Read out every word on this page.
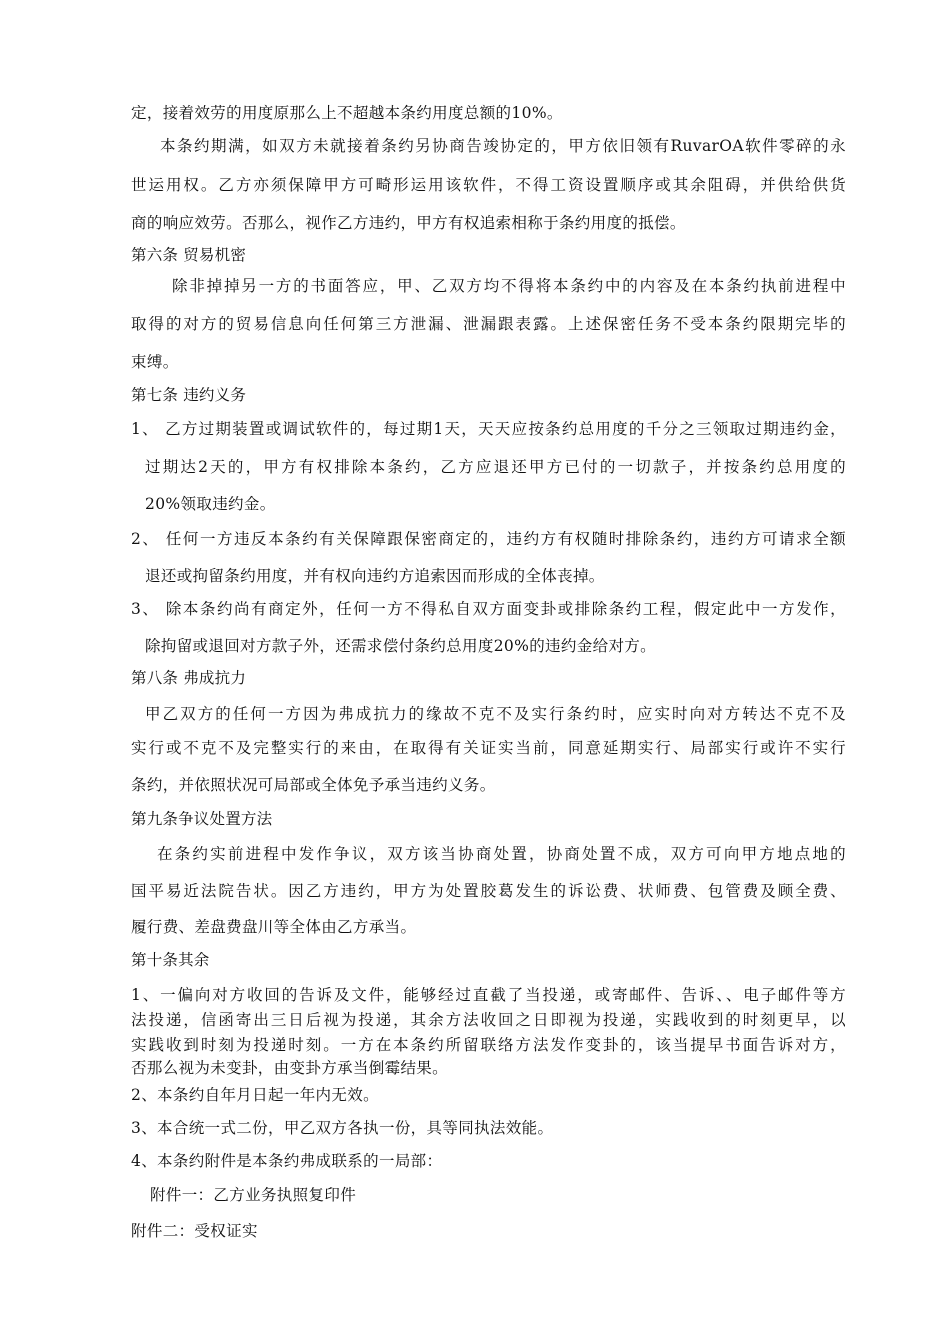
定，接着效劳的用度原那么上不超越本条约用度总额的10%。
本条约期满，如双方未就接着条约另协商告竣协定的，甲方依旧领有RuvarOA软件零碎的永
世运用权。乙方亦须保障甲方可畸形运用该软件，不得工资设置顺序或其余阻碍，并供给供货
商的响应效劳。否那么，视作乙方违约，甲方有权追索相称于条约用度的抵偿。
第六条 贸易机密
除非掉掉另一方的书面答应，甲、乙双方均不得将本条约中的内容及在本条约执前进程中
取得的对方的贸易信息向任何第三方泄漏、泄漏跟表露。上述保密任务不受本条约限期完毕的
束缚。
第七条 违约义务
1、 乙方过期装置或调试软件的，每过期1天，天天应按条约总用度的千分之三领取过期违约金，
过期达2天的，甲方有权排除本条约，乙方应退还甲方已付的一切款子，并按条约总用度的
20%领取违约金。
2、 任何一方违反本条约有关保障跟保密商定的，违约方有权随时排除条约，违约方可请求全额
退还或拘留条约用度，并有权向违约方追索因而形成的全体丧掉。
3、 除本条约尚有商定外，任何一方不得私自双方面变卦或排除条约工程，假定此中一方发作，
除拘留或退回对方款子外，还需求偿付条约总用度20%的违约金给对方。
第八条 弗成抗力
甲乙双方的任何一方因为弗成抗力的缘故不克不及实行条约时，应实时向对方转达不克不及
实行或不克不及完整实行的来由，在取得有关证实当前，同意延期实行、局部实行或许不实行
条约，并依照状况可局部或全体免予承当违约义务。
第九条争议处置方法
在条约实前进程中发作争议，双方该当协商处置，协商处置不成，双方可向甲方地点地的
国平易近法院告状。因乙方违约，甲方为处置胶葛发生的诉讼费、状师费、包管费及顾全费、
履行费、差盘费盘川等全体由乙方承当。
第十条其余
1、一偏向对方收回的告诉及文件，能够经过直截了当投递，或寄邮件、告诉、、电子邮件等方
法投递，信函寄出三日后视为投递，其余方法收回之日即视为投递，实践收到的时刻更早，以
实践收到时刻为投递时刻。一方在本条约所留联络方法发作变卦的，该当提早书面告诉对方，
否那么视为未变卦，由变卦方承当倒霉结果。
2、本条约自年月日起一年内无效。
3、本合统一式二份，甲乙双方各执一份，具等同执法效能。
4、本条约附件是本条约弗成联系的一局部：
附件一：乙方业务执照复印件
附件二：受权证实
